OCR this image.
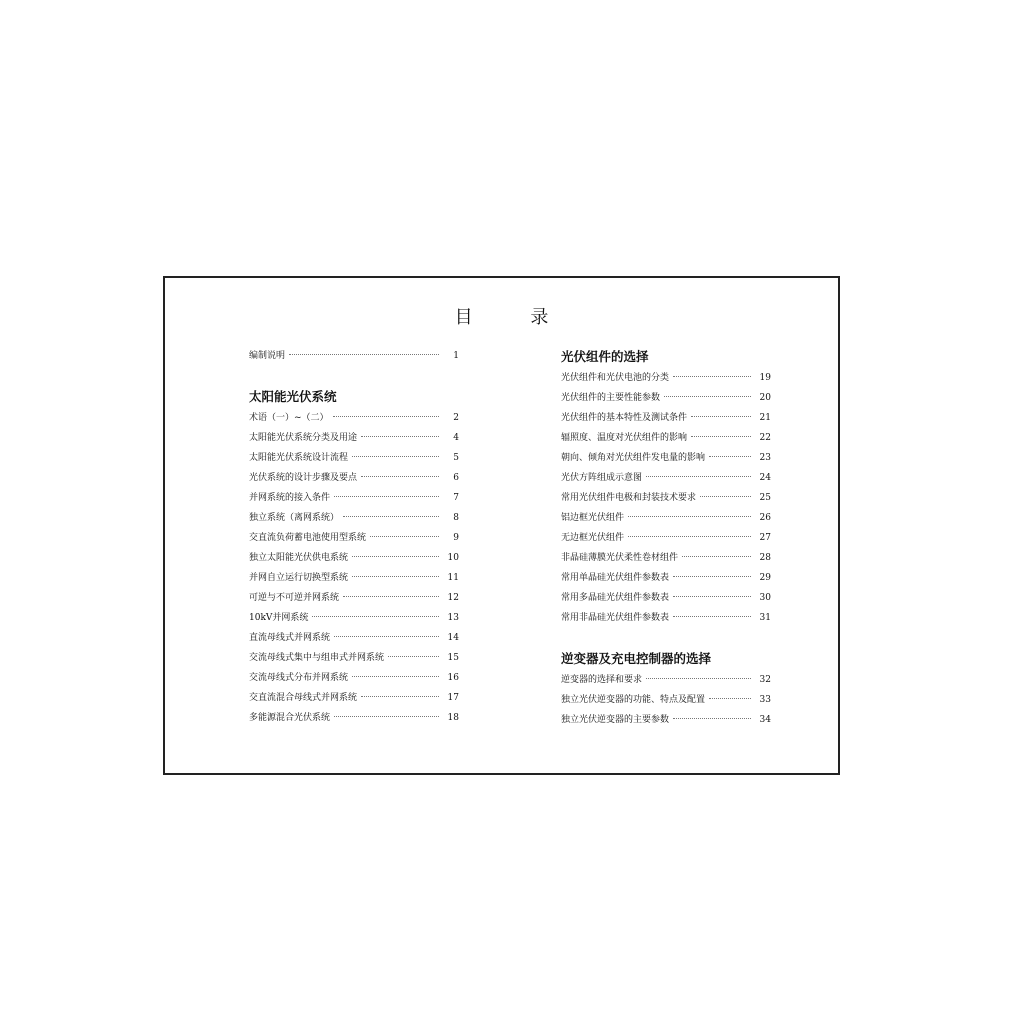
目 录
编制说明	1
太阳能光伏系统
术语（一）~（二）	2
太阳能光伏系统分类及用途	4
太阳能光伏系统设计流程	5
光伏系统的设计步骤及要点	6
并网系统的接入条件	7
独立系统（离网系统）	8
交直流负荷蓄电池使用型系统	9
独立太阳能光伏供电系统	10
并网自立运行切换型系统	11
可逆与不可逆并网系统	12
10kV并网系统	13
直流母线式并网系统	14
交流母线式集中与组串式并网系统	15
交流母线式分布并网系统	16
交直流混合母线式并网系统	17
多能源混合光伏系统	18
光伏组件的选择
光伏组件和光伏电池的分类	19
光伏组件的主要性能参数	20
光伏组件的基本特性及测试条件	21
辐照度、温度对光伏组件的影响	22
朝向、倾角对光伏组件发电量的影响	23
光伏方阵组成示意图	24
常用光伏组件电极和封装技术要求	25
铝边框光伏组件	26
无边框光伏组件	27
非晶硅薄膜光伏柔性卷材组件	28
常用单晶硅光伏组件参数表	29
常用多晶硅光伏组件参数表	30
常用非晶硅光伏组件参数表	31
逆变器及充电控制器的选择
逆变器的选择和要求	32
独立光伏逆变器的功能、特点及配置	33
独立光伏逆变器的主要参数	34
